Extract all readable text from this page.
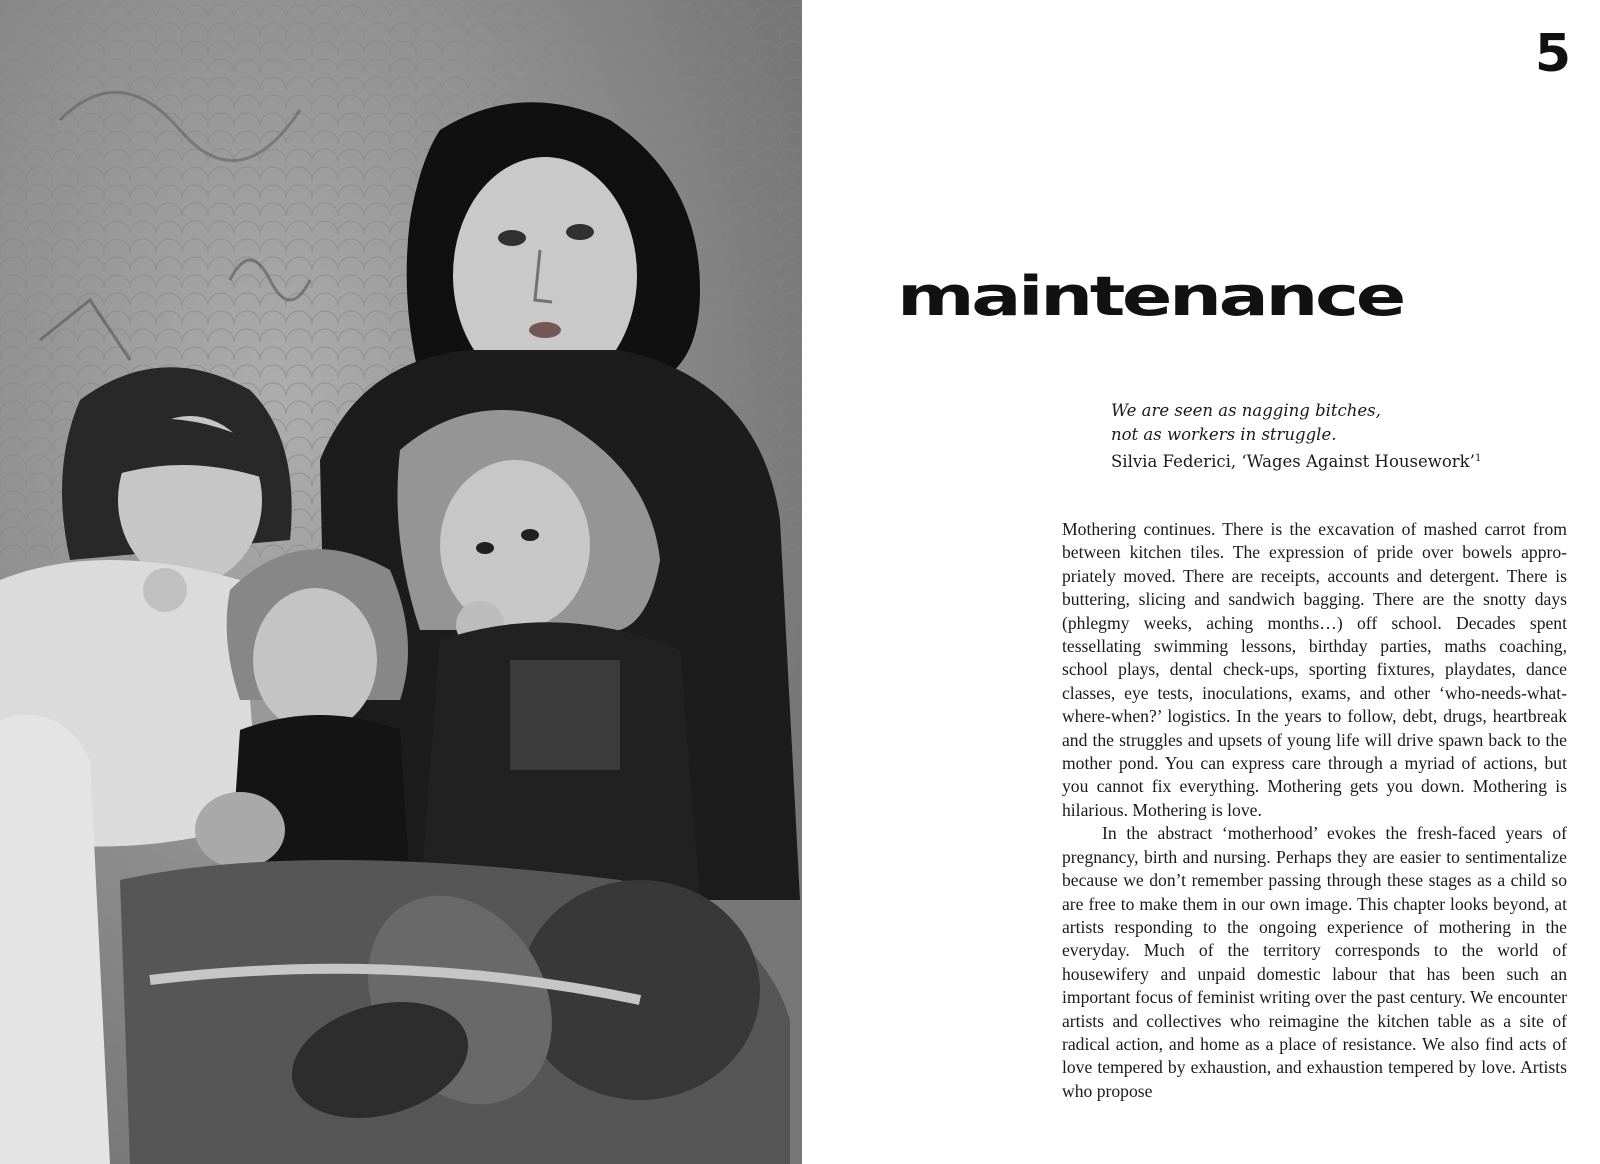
5
maintenance
We are seen as nagging bitches,
not as workers in struggle.
Silvia Federici, ‘Wages Against Housework’$^1$

Mothering continues. There is the excavation of mashed carrot from between kitchen tiles. The expression of pride over bowels appropriately moved. There are receipts, accounts and detergent. There is buttering, slicing and sandwich bagging. There are the snotty days (phlegmy weeks, aching months…) off school. Decades spent tessellating swimming lessons, birthday parties, maths coaching, school plays, dental check-ups, sporting fixtures, playdates, dance classes, eye tests, inoculations, exams, and other ‘who-needs-what-where-when?’ logistics. In the years to follow, debt, drugs, heartbreak and the struggles and upsets of young life will drive spawn back to the mother pond. You can express care through a myriad of actions, but you cannot fix everything. Mothering gets you down. Mothering is hilarious. Mothering is love.

In the abstract ‘motherhood’ evokes the fresh-faced years of pregnancy, birth and nursing. Perhaps they are easier to sentimentalize because we don’t remember passing through these stages as a child so are free to make them in our own image. This chapter looks beyond, at artists responding to the ongoing experience of mothering in the everyday. Much of the territory corresponds to the world of housewifery and unpaid domestic labour that has been such an important focus of feminist writing over the past century. We encounter artists and collectives who reimagine the kitchen table as a site of radical action, and home as a place of resistance. We also find acts of love tempered by exhaustion, and exhaustion tempered by love. Artists who propose
